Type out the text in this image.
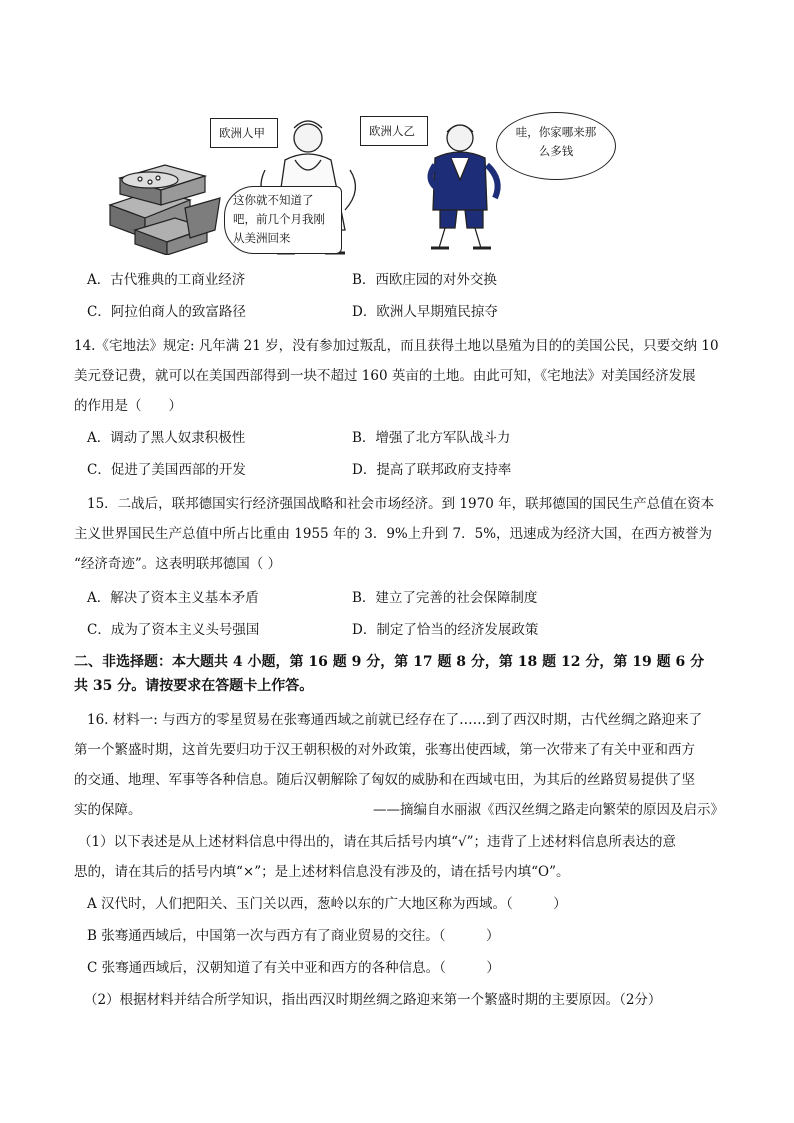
欧洲人甲	欧洲人乙	哇，你家哪来那么多钱
这你就不知道了
吧，前几个月我刚
从美洲回来
A．古代雅典的工商业经济	B．西欧庄园的对外交换
C．阿拉伯商人的致富路径	D．欧洲人早期殖民掠夺
14.《宅地法》规定: 凡年满 21 岁，没有参加过叛乱，而且获得土地以垦殖为目的的美国公民，只要交纳 10
美元登记费，就可以在美国西部得到一块不超过 160 英亩的土地。由此可知，《宅地法》对美国经济发展
的作用是（　　）
A．调动了黑人奴隶积极性	B．增强了北方军队战斗力
C．促进了美国西部的开发	D．提高了联邦政府支持率
15．二战后，联邦德国实行经济强国战略和社会市场经济。到 1970 年，联邦德国的国民生产总值在资本
主义世界国民生产总值中所占比重由 1955 年的 3．9%上升到 7．5%，迅速成为经济大国，在西方被誉为
“经济奇迹”。这表明联邦德国（ ）
A．解决了资本主义基本矛盾	B．建立了完善的社会保障制度
C．成为了资本主义头号强国	D．制定了恰当的经济发展政策
二、非选择题：本大题共 4 小题，第 16 题 9 分，第 17 题 8 分，第 18 题 12 分，第 19 题 6 分
共 35 分。请按要求在答题卡上作答。
16. 材料一: 与西方的零星贸易在张骞通西域之前就已经存在了……到了西汉时期，古代丝绸之路迎来了
第一个繁盛时期，这首先要归功于汉王朝积极的对外政策，张骞出使西域，第一次带来了有关中亚和西方
的交通、地理、军事等各种信息。随后汉朝解除了匈奴的威胁和在西域屯田，为其后的丝路贸易提供了坚
实的保障。	——摘编自水丽淑《西汉丝绸之路走向繁荣的原因及启示》
（1）以下表述是从上述材料信息中得出的，请在其后括号内填“√”；违背了上述材料信息所表达的意
思的，请在其后的括号内填“×”；是上述材料信息没有涉及的，请在括号内填“O”。
A 汉代时，人们把阳关、玉门关以西，葱岭以东的广大地区称为西域。（　　　）
B 张骞通西域后，中国第一次与西方有了商业贸易的交往。（　　　）
C 张骞通西域后，汉朝知道了有关中亚和西方的各种信息。（　　　）
（2）根据材料并结合所学知识，指出西汉时期丝绸之路迎来第一个繁盛时期的主要原因。（2分）
